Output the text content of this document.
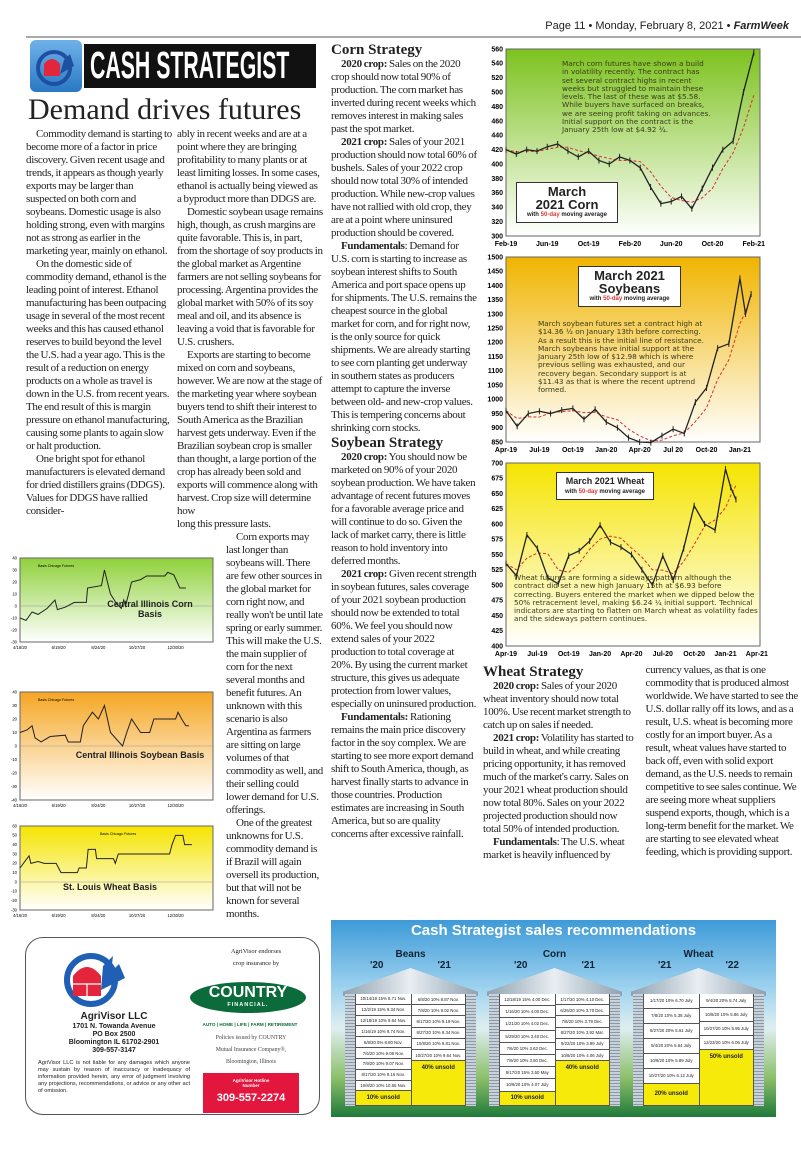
Page 11 • Monday, February 8, 2021 • FarmWeek
CASH STRATEGIST
Demand drives futures

Commodity demand is starting to become more of a factor in price discovery. Given recent usage and trends, it appears as though yearly exports may be larger than suspected on both corn and soybeans. Domestic usage is also holding strong, even with margins not as strong as earlier in the marketing year, mainly on ethanol.

On the domestic side of commodity demand, ethanol is the leading point of interest. Ethanol manufacturing has been outpacing usage in several of the most recent weeks and this has caused ethanol reserves to build beyond the level the U.S. had a year ago. This is the result of a reduction on energy products on a whole as travel is down in the U.S. from recent years. The end result of this is margin pressure on ethanol manufacturing, causing some plants to again slow or halt production.

One bright spot for ethanol manufacturers is elevated demand for dried distillers grains (DDGS). Values for DDGS have rallied consider-

ably in recent weeks and are at a point where they are bringing profitability to many plants or at least limiting losses. In some cases, ethanol is actually being viewed as a byproduct more than DDGS are.

Domestic soybean usage remains high, though, as crush margins are quite favorable. This is, in part, from the shortage of soy products in the global market as Argentine farmers are not selling soybeans for processing. Argentina provides the global market with 50% of its soy meal and oil, and its absence is leaving a void that is favorable for U.S. crushers.

Exports are starting to become mixed on corn and soybeans, however. We are now at the stage of the marketing year where soybean buyers tend to shift their interest to South America as the Brazilian harvest gets underway. Even if the Brazilian soybean crop is smaller than thought, a large portion of the crop has already been sold and exports will commence along with harvest. Crop size will determine how

long this pressure lasts.

Corn exports may last longer than soybeans will. There are few other sources in the global market for corn right now, and really won't be until late spring or early summer. This will make the U.S. the main supplier of corn for the next several months and benefit futures. An unknown with this scenario is also Argentina as farmers are sitting on large volumes of that commodity as well, and their selling could lower demand for U.S. offerings.

One of the greatest unknowns for U.S. commodity demand is if Brazil will again oversell its production, but that will not be known for several months.

Corn Strategy

2020 crop: Sales on the 2020 crop should now total 90% of production. The corn market has inverted during recent weeks which removes interest in making sales past the spot market.

2021 crop: Sales of your 2021 production should now total 60% of bushels. Sales of your 2022 crop should now total 30% of intended production. While new-crop values have not rallied with old crop, they are at a point where uninsured production should be covered.

Fundamentals: Demand for U.S. corn is starting to increase as soybean interest shifts to South America and port space opens up for shipments. The U.S. remains the cheapest source in the global market for corn, and for right now, is the only source for quick shipments. We are already starting to see corn planting get underway in southern states as producers attempt to capture the inverse between old- and new-crop values. This is tempering concerns about shrinking corn stocks.

Soybean Strategy

2020 crop: You should now be marketed on 90% of your 2020 soybean production. We have taken advantage of recent futures moves for a favorable average price and will continue to do so. Given the lack of market carry, there is little reason to hold inventory into deferred months.

2021 crop: Given recent strength in soybean futures, sales coverage of your 2021 soybean production should now be extended to total 60%. We feel you should now extend sales of your 2022 production to total coverage at 20%. By using the current market structure, this gives us adequate protection from lower values, especially on uninsured production.

Fundamentals: Rationing remains the main price discovery factor in the soy complex. We are starting to see more export demand shift to South America, though, as harvest finally starts to advance in those countries. Production estimates are increasing in South America, but so are quality concerns after excessive rainfall.

Wheat Strategy

2020 crop: Sales of your 2020 wheat inventory should now total 100%. Use recent market strength to catch up on sales if needed.

2021 crop: Volatility has started to build in wheat, and while creating pricing opportunity, it has removed much of the market's carry. Sales on your 2021 wheat production should now total 80%. Sales on your 2022 projected production should now total 50% of intended production.

Fundamentals: The U.S. wheat market is heavily influenced by currency values, as that is one commodity that is produced almost worldwide. We have started to see the U.S. dollar rally off its lows, and as a result, U.S. wheat is becoming more costly for an import buyer. As a result, wheat values have started to back off, even with solid export demand, as the U.S. needs to remain competitive to see sales continue. We are seeing more wheat suppliers suspend exports, though, which is a long-term benefit for the market. We are starting to see elevated wheat feeding, which is providing support.

300
320
340
360
380
400
420
440
460
480
500
520
540
560
Feb-19	Jun-19	Oct-19	Feb-20	Jun-20	Oct-20	Feb-21
March
2021 Corn
with 50-day moving average
March corn futures have shown a build in volatility recently. The contract has set several contract highs in recent weeks but struggled to maintain these levels. The last of these was at $5.58. While buyers have surfaced on breaks, we are seeing profit taking on advances. Initial support on the contract is the January 25th low at $4.92 ¾.
850
900
950
1000
1050
1100
1150
1200
1250
1300
1350
1400
1450
1500
Apr-19 Jul-19 Oct-19 Jan-20 Apr-20 Jul 20 Oct-20 Jan-21
March 2021
Soybeans
with 50-day moving average
March soybean futures set a contract high at $14.36 ½ on January 13th before correcting. As a result this is the initial line of resistance. March soybeans have initial support at the January 25th low of $12.98 which is where previous selling was exhausted, and our recovery began. Secondary support is at $11.43 as that is where the recent uptrend formed.
400
425
450
475
500
525
550
575
600
625
650
675
700
Apr-19 Jul-19 Oct-19 Jan-20 Apr-20 Jul-20 Oct-20 Jan-21 Apr-21
March 2021 Wheat
with 50-day moving average
Wheat futures are forming a sideways pattern although the contract did set a new high January 15th at $6.93 before correcting. Buyers entered the market when we dipped below the 50% retracement level, making $6.24 ¼ initial support. Technical indicators are starting to flatten on March wheat as volatility fades and the sideways pattern continues.
-30
-20
-10
0
10
20
30
40
4/16/20	6/19/20	8/24/20	10/27/20	12/30/20
Basis Chicago Futures
Central Illinois Corn
Basis
-40
-30
-20
-10
0
10
20
30
40
4/16/20	6/19/20	8/24/20	10/27/20	12/30/20
Basis Chicago Futures
Central Illinois Soybean Basis
-30
-20
-10
0
10
20
30
40
50
60
4/16/20	6/19/20	8/24/20	10/27/20	12/30/20
Basis Chicago Futures
St. Louis Wheat Basis
AgriVisor LLC
1701 N. Towanda Avenue
PO Box 2500
Bloomington IL 61702-2901
309-557-3147
AgriVisor LLC is not liable for any damages which anyone may sustain by reason of inaccuracy or inadequacy of information provided herein, any error of judgment involving any projections, recommendations, or advice or any other act of omission.
AgriVisor endorses
crop insurance by
COUNTRY
FINANCIAL.
AUTO | HOME | LIFE | FARM | RETIREMENT
Policies issued by COUNTRY
Mutual Insurance Company®,
Bloomington, Illinois
AgriVisor Hotline Number
309-557-2274
Cash Strategist sales recommendations
Beans
'20	'21
10/14/19 15% 8.71 Nov.
12/2/19 15% 9.34 Nov.
12/18/19 10% 9.64 Nov.
1/16/19 10% 9.74 Nov.
6/8/20 5% 8.80 Nov.
7/6/20 10% 9.08 Nov.
7/9/20 10% 9.07 Nov.
8/17/20 10% 9.16 Nov.
10/8/20 10% 10.56 Nov.
10% unsold
6/8/20 10% 8.87 Nov.
7/8/20 10% 9.02 Nov.
8/17/20 10% 9.19 Nov.
8/27/20 10% 9.34 Nov.
10/8/20 10% 9.81 Nov.
10/27/20 10% 9.64 Nov.
40% unsold
Corn
'20	'21
12/18/19 15% 4.00 Dec.
1/16/20 10% 4.00 Dec.
1/21/20 10% 4.02 Dec.
5/29/20 10% 3.40 Dec.
7/6/20 10% 3.63 Dec.
7/9/20 10% 3.60 Dec.
8/17/20 15% 3.50 May
10/8/20 10% 4.07 July
10% unsold
1/17/20 10% 4.10 Dec.
6/26/20 10% 3.70 Dec.
7/8/20 10% 3.79 Dec.
8/27/20 10% 3.92 Mar.
9/22/20 10% 3.99 July
10/8/20 10% 4.06 July
40% unsold
Wheat
'21	'22
1/17/20 10% 6.70 July
7/8/20 10% 5.38 July
8/27/20 20% 5.61 July
9/4/20 20% 5.64 July
10/8/20 10% 5.89 July
10/27/20 10% 6.12 July
20% unsold
9/4/20 20% 5.74 July
10/8/20 10% 5.86 July
10/27/20 10% 5.95 July
12/23/20 10% 6.06 July
50% unsold
